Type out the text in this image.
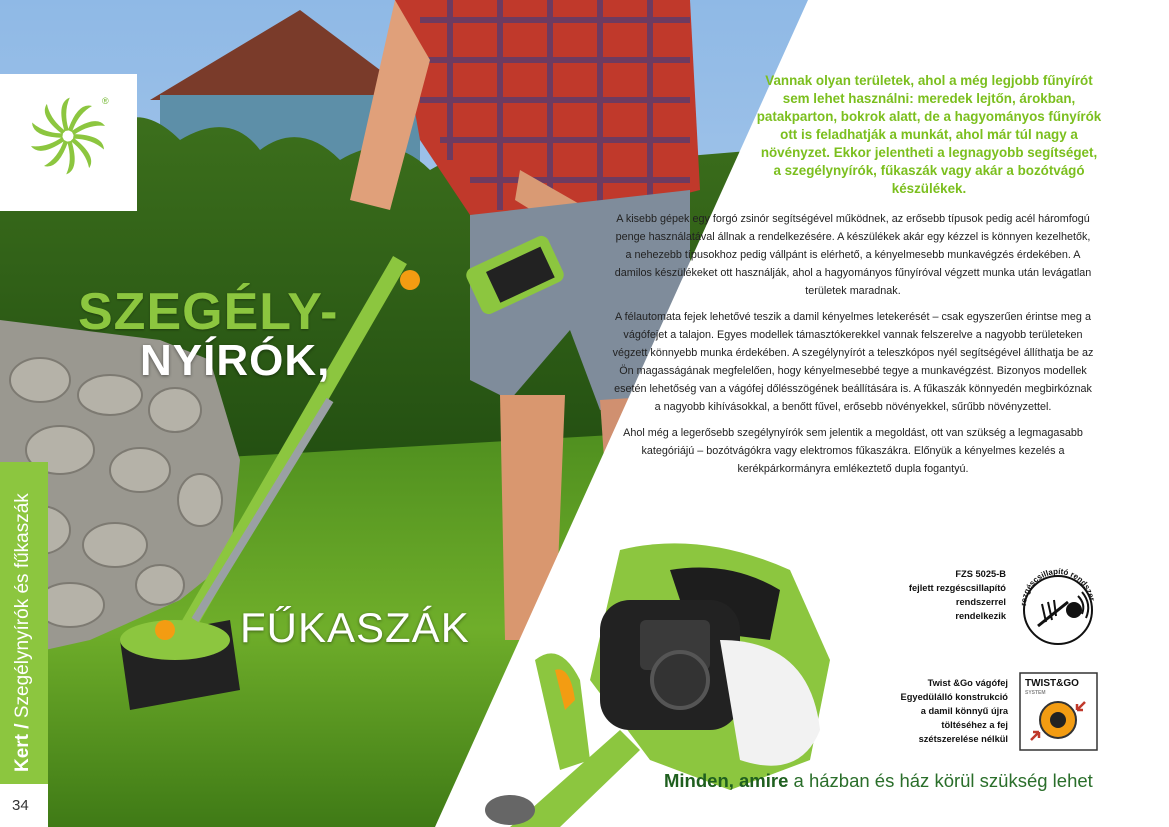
®
SZEGÉLY-
NYÍRÓK,
FŰKASZÁK
Kert / Szegélynyírók és fűkaszák
34
Vannak olyan területek, ahol a még legjobb fűnyírót sem lehet használni: meredek lejtőn, árokban, patakparton, bokrok alatt, de a hagyományos fűnyírók ott is feladhatják a munkát, ahol már túl nagy a növényzet. Ekkor jelentheti a legnagyobb segítséget, a szegélynyírók, fűkaszák vagy akár a bozótvágó készülékek.

A kisebb gépek egy forgó zsinór segítségével működnek, az erősebb típusok pedig acél háromfogú penge használatával állnak a rendelkezésére. A készülékek akár egy kézzel is könnyen kezelhetők, a nehezebb típusokhoz pedig vállpánt is elérhető, a kényelmesebb munkavégzés érdekében. A damilos készülékeket ott használják, ahol a hagyományos fűnyíróval végzett munka után levágatlan területek maradnak.

A félautomata fejek lehetővé teszik a damil kényelmes letekerését – csak egyszerűen érintse meg a vágófejet a talajon. Egyes modellek támasztókerekkel vannak felszerelve a nagyobb területeken végzett könnyebb munka érdekében. A szegélynyírót a teleszkópos nyél segítségével állíthatja be az Ön magasságának megfelelően, hogy kényelmesebbé tegye a munkavégzést. Bizonyos modellek esetén lehetőség van a vágófej dőlésszögének beállítására is. A fűkaszák könnyedén megbirkóznak a nagyobb kihívásokkal, a benőtt fűvel, erősebb növényekkel, sűrűbb növényzettel.

Ahol még a legerősebb szegélynyírók sem jelentik a megoldást, ott van szükség a legmagasabb kategóriájú – bozótvágókra vagy elektromos fűkaszákra. Előnyük a kényelmes kezelés a kerékpárkormányra emlékeztető dupla fogantyú.

FZS 5025-B
fejlett rezgéscsillapító
rendszerrel
rendelkezik
rezgéscsillapító rendszer
Twist &Go vágófej
Egyedülálló konstrukció
a damil könnyű újra
töltéséhez a fej
szétszerelése nélkül
TWIST&GO
SYSTEM
Minden, amire a házban és ház körül szükség lehet
